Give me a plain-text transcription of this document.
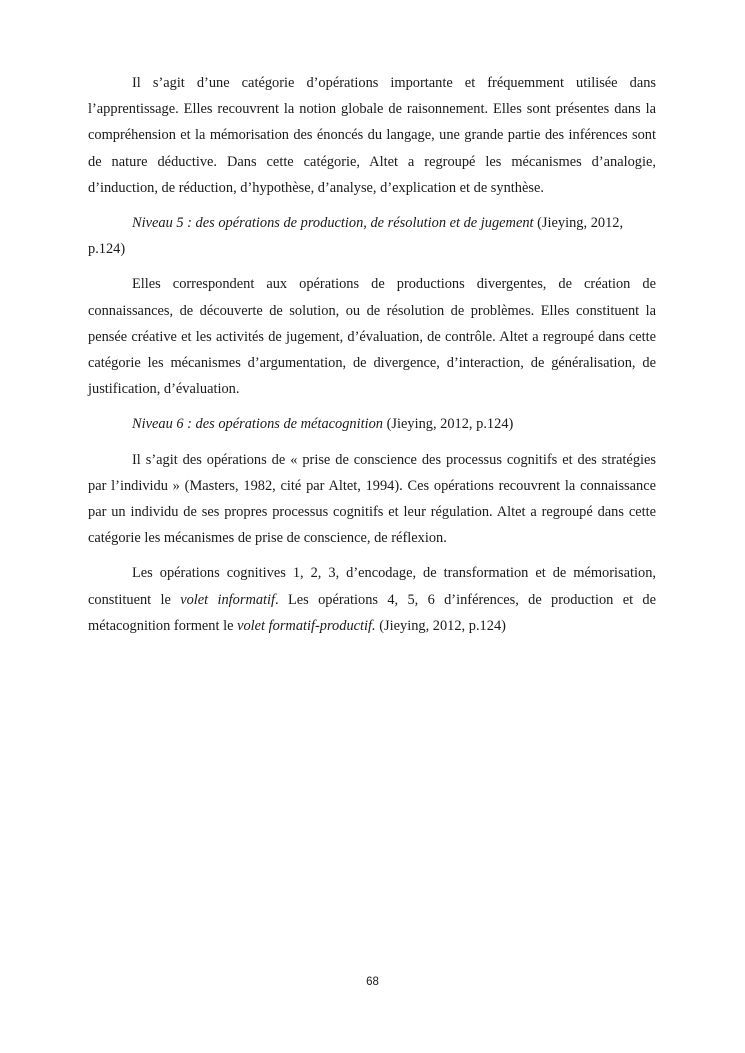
Il s’agit d’une catégorie d’opérations importante et fréquemment utilisée dans l’apprentissage. Elles recouvrent la notion globale de raisonnement. Elles sont présentes dans la compréhension et la mémorisation des énoncés du langage, une grande partie des inférences sont de nature déductive. Dans cette catégorie, Altet a regroupé les mécanismes d’analogie, d’induction, de réduction, d’hypothèse, d’analyse, d’explication et de synthèse.

Niveau 5 : des opérations de production, de résolution et de jugement (Jieying, 2012, p.124)

Elles correspondent aux opérations de productions divergentes, de création de connaissances, de découverte de solution, ou de résolution de problèmes. Elles constituent la pensée créative et les activités de jugement, d’évaluation, de contrôle. Altet a regroupé dans cette catégorie les mécanismes d’argumentation, de divergence, d’interaction, de généralisation, de justification, d’évaluation.

Niveau 6 : des opérations de métacognition (Jieying, 2012, p.124)

Il s’agit des opérations de « prise de conscience des processus cognitifs et des stratégies par l’individu » (Masters, 1982, cité par Altet, 1994). Ces opérations recouvrent la connaissance par un individu de ses propres processus cognitifs et leur régulation. Altet a regroupé dans cette catégorie les mécanismes de prise de conscience, de réflexion.

Les opérations cognitives 1, 2, 3, d’encodage, de transformation et de mémorisation, constituent le volet informatif. Les opérations 4, 5, 6 d’inférences, de production et de métacognition forment le volet formatif-productif. (Jieying, 2012, p.124)

68
